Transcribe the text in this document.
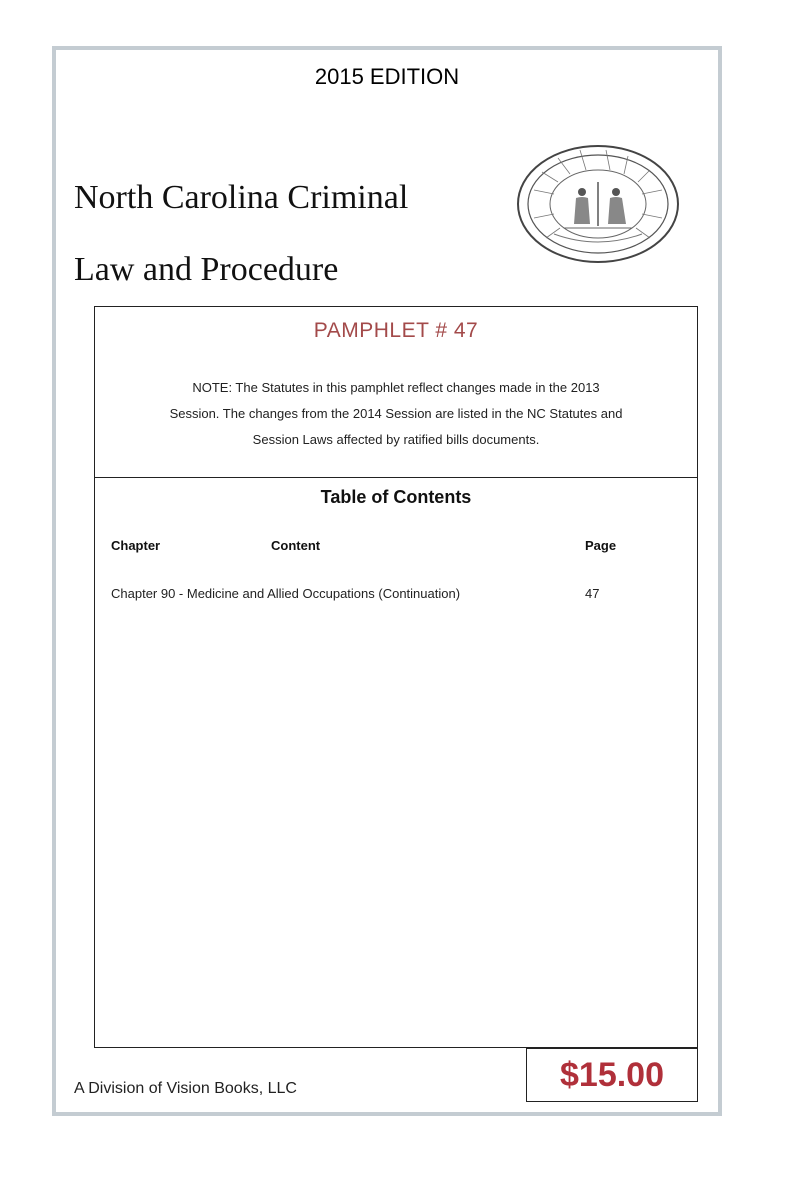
2015 EDITION
North Carolina Criminal
Law and Procedure
PAMPHLET # 47
NOTE: The Statutes in this pamphlet reflect changes made in the 2013
Session. The changes from the 2014 Session are listed in the NC Statutes and
Session Laws affected by ratified bills documents.
Table of Contents
Chapter	Content	Page
Chapter 90 - Medicine and Allied Occupations (Continuation)	47
A Division of Vision Books, LLC	$15.00
